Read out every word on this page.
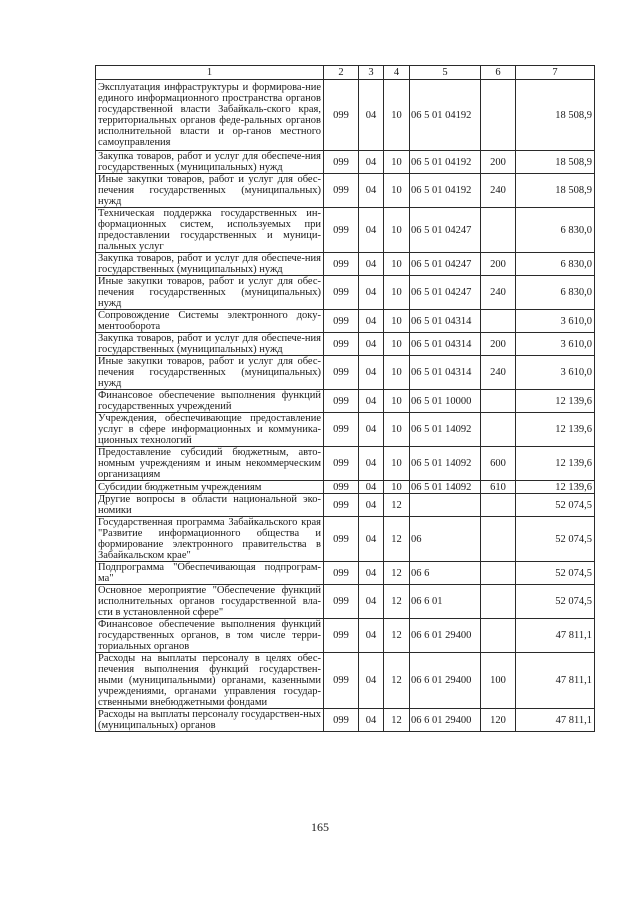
1	2	3	4	5	6	7
Эксплуатация инфраструктуры и формирова-ние единого информационного пространства органов государственной власти Забайкаль-ского края, территориальных органов феде-ральных органов исполнительной власти и ор-ганов местного самоуправления	099	04	10	06 5 01 04192		18 508,9
Закупка товаров, работ и услуг для обеспече-ния государственных (муниципальных) нужд	099	04	10	06 5 01 04192	200	18 508,9
Иные закупки товаров, работ и услуг для обес-печения государственных (муниципальных) нужд	099	04	10	06 5 01 04192	240	18 508,9
Техническая поддержка государственных ин-формационных систем, используемых при предоставлении государственных и муници-пальных услуг	099	04	10	06 5 01 04247		6 830,0
Закупка товаров, работ и услуг для обеспече-ния государственных (муниципальных) нужд	099	04	10	06 5 01 04247	200	6 830,0
Иные закупки товаров, работ и услуг для обес-печения государственных (муниципальных) нужд	099	04	10	06 5 01 04247	240	6 830,0
Сопровождение Системы электронного доку-ментооборота	099	04	10	06 5 01 04314		3 610,0
Закупка товаров, работ и услуг для обеспече-ния государственных (муниципальных) нужд	099	04	10	06 5 01 04314	200	3 610,0
Иные закупки товаров, работ и услуг для обес-печения государственных (муниципальных) нужд	099	04	10	06 5 01 04314	240	3 610,0
Финансовое обеспечение выполнения функций государственных учреждений	099	04	10	06 5 01 10000		12 139,6
Учреждения, обеспечивающие предоставление услуг в сфере информационных и коммуника-ционных технологий	099	04	10	06 5 01 14092		12 139,6
Предоставление субсидий бюджетным, авто-номным учреждениям и иным некоммерческим организациям	099	04	10	06 5 01 14092	600	12 139,6
Субсидии бюджетным учреждениям	099	04	10	06 5 01 14092	610	12 139,6
Другие вопросы в области национальной эко-номики	099	04	12			52 074,5
Государственная программа Забайкальского края "Развитие информационного общества и формирование электронного правительства в Забайкальском крае"	099	04	12	06		52 074,5
Подпрограмма "Обеспечивающая подпрограм-ма"	099	04	12	06 6		52 074,5
Основное мероприятие "Обеспечение функций исполнительных органов государственной вла-сти в установленной сфере"	099	04	12	06 6 01		52 074,5
Финансовое обеспечение выполнения функций государственных органов, в том числе терри-ториальных органов	099	04	12	06 6 01 29400		47 811,1
Расходы на выплаты персоналу в целях обес-печения выполнения функций государствен-ными (муниципальными) органами, казенными учреждениями, органами управления государ-ственными внебюджетными фондами	099	04	12	06 6 01 29400	100	47 811,1
Расходы на выплаты персоналу государствен-ных (муниципальных) органов	099	04	12	06 6 01 29400	120	47 811,1
165
